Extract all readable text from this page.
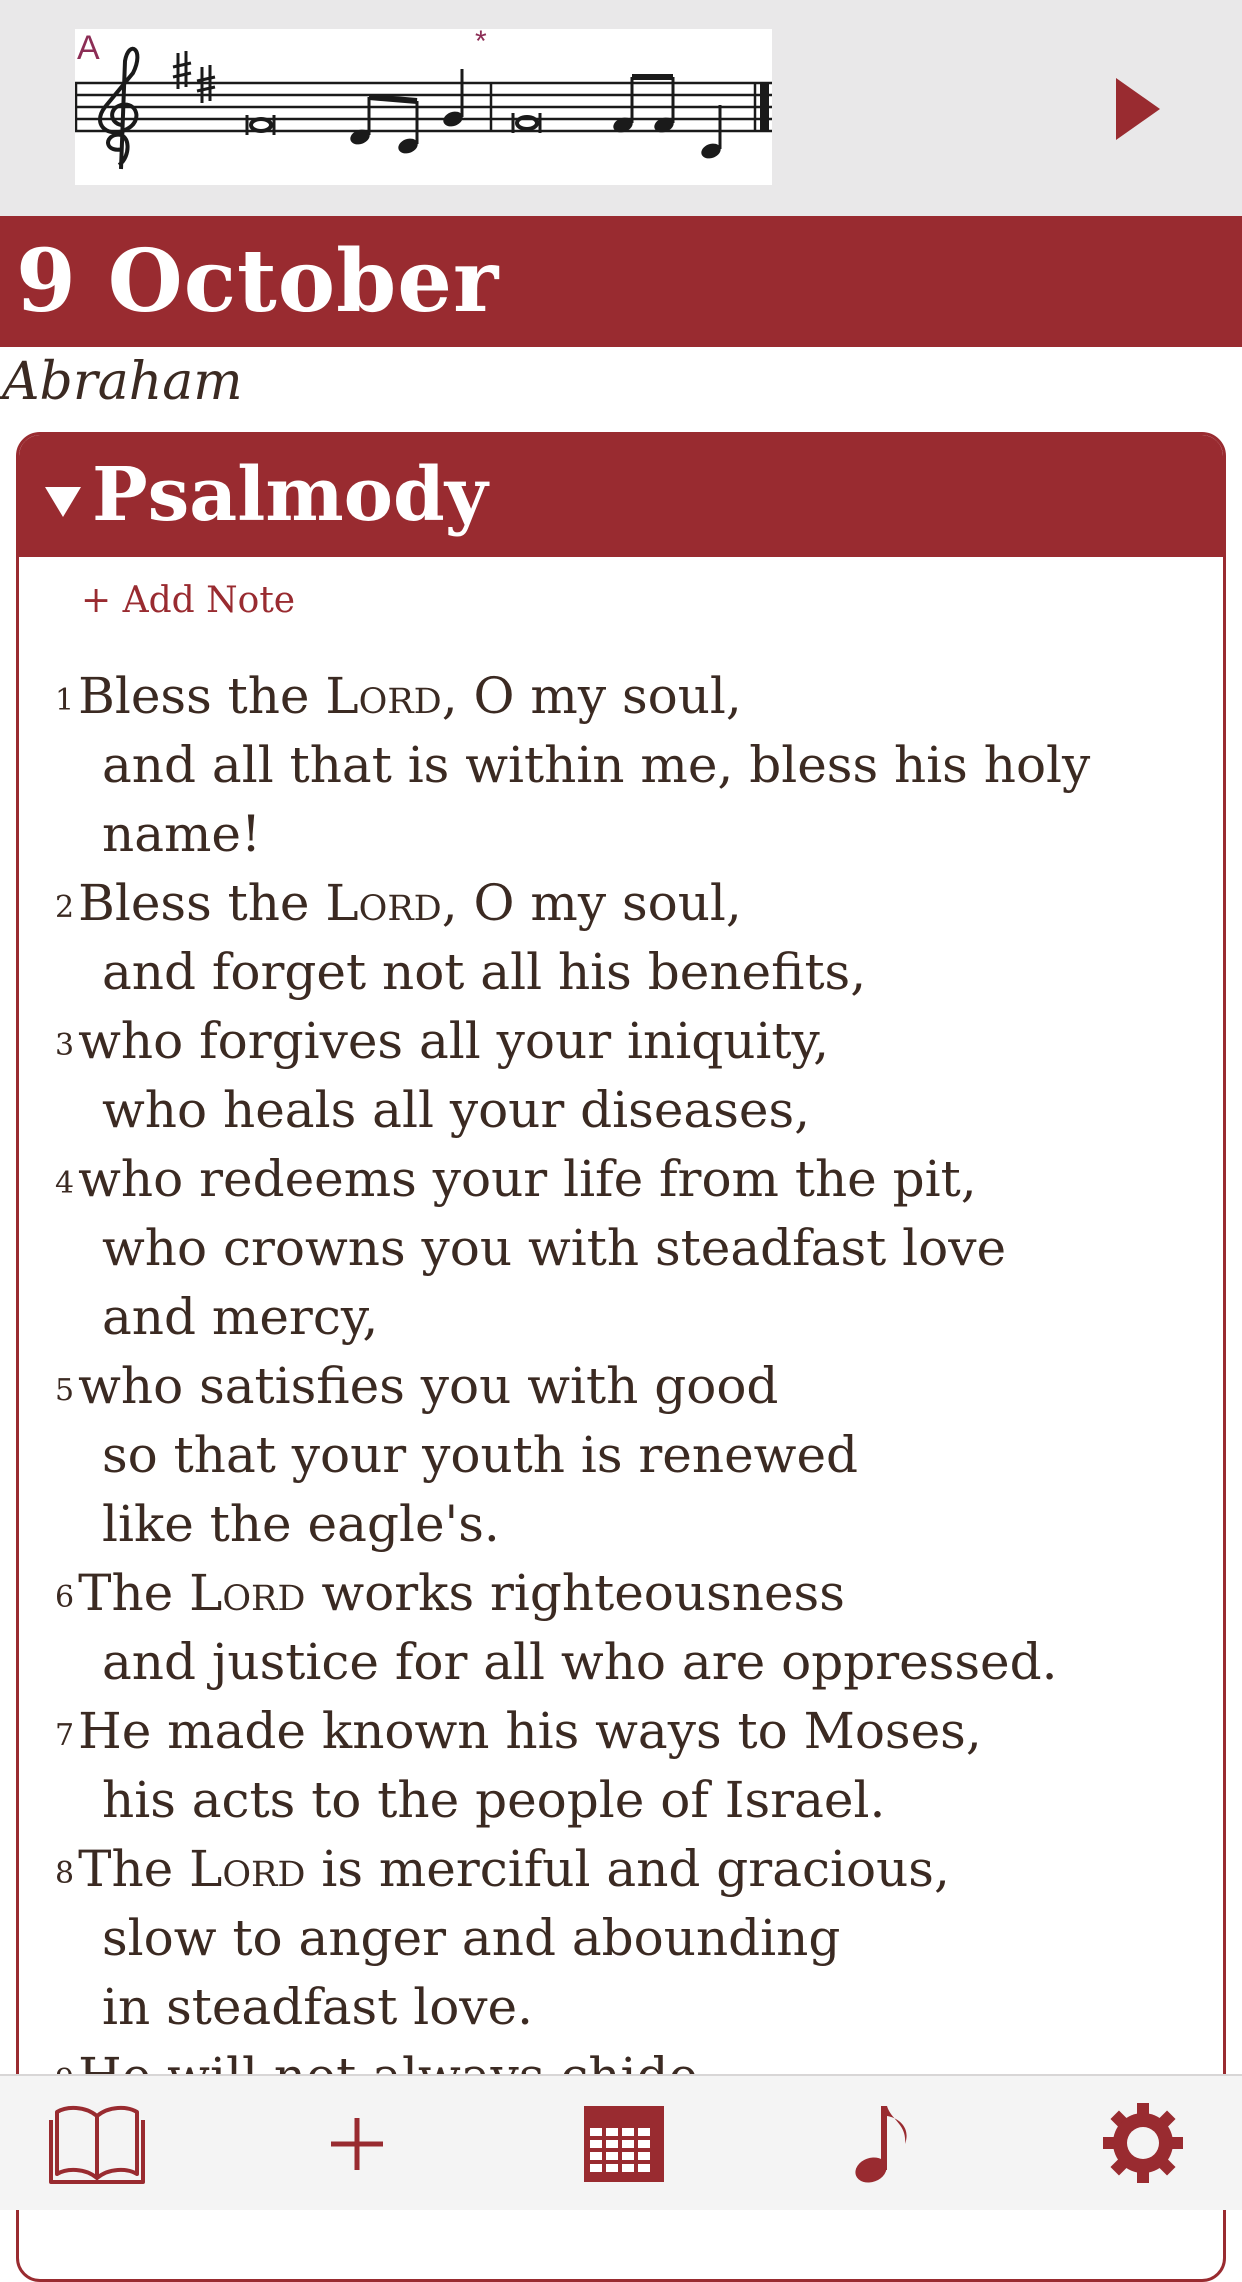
A	*
9 October
Abraham
Psalmody
+ Add Note
$^1$Bless the Lord, O my soul,
and all that is within me, bless his holy
name!
$^2$Bless the Lord, O my soul,
and forget not all his benefits,
$^3$who forgives all your iniquity,
who heals all your diseases,
$^4$who redeems your life from the pit,
who crowns you with steadfast love
and mercy,
$^5$who satisfies you with good
so that your youth is renewed
like the eagle's.
$^6$The Lord works righteousness
and justice for all who are oppressed.
$^7$He made known his ways to Moses,
his acts to the people of Israel.
$^8$The Lord is merciful and gracious,
slow to anger and abounding
in steadfast love.
